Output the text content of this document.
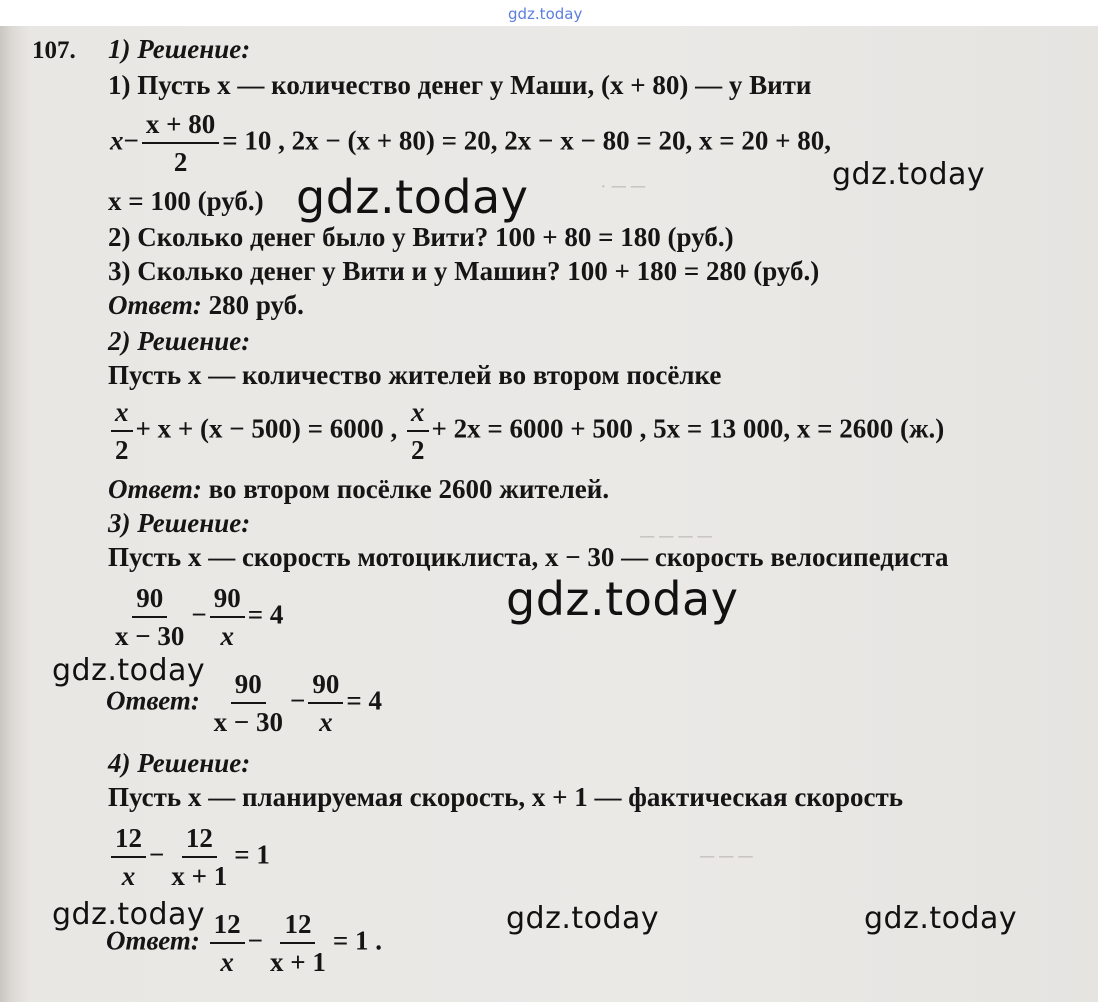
gdz.today
· ─ ─
─ ─ ─ ─
─ ─ ─
107. 1) Решение:
1) Пусть x — количество денег у Маши, (x + 80) — у Вити
$x- \frac{x + 80}{2} = 10$ , 2x − (x + 80) = 20, 2x − x − 80 = 20, x = 20 + 80,
x = 100 (руб.)
2) Сколько денег было у Вити? 100 + 80 = 180 (руб.)
3) Сколько денег у Вити и у Машин? 100 + 180 = 280 (руб.)
Ответ: 280 руб.
2) Решение:
Пусть x — количество жителей во втором посёлке
$\frac{x}{2} + x + (x - 500) = 6000$ , $\frac{x}{2} + 2x = 6000 + 500$ , 5x = 13 000, x = 2600 (ж.)
Ответ: во втором посёлке 2600 жителей.
3) Решение:
Пусть x — скорость мотоциклиста, x − 30 — скорость велосипедиста
$\frac{90}{x - 30} - \frac{90}{x} = 4$
Ответ: $\frac{90}{x - 30} - \frac{90}{x} = 4$
4) Решение:
Пусть x — планируемая скорость, x + 1 — фактическая скорость
$\frac{12}{x} - \frac{12}{x + 1} = 1$
Ответ: $\frac{12}{x} - \frac{12}{x + 1} = 1$ .
gdz.today	gdz.today
gdz.today
gdz.today
gdz.today	gdz.today	gdz.today
